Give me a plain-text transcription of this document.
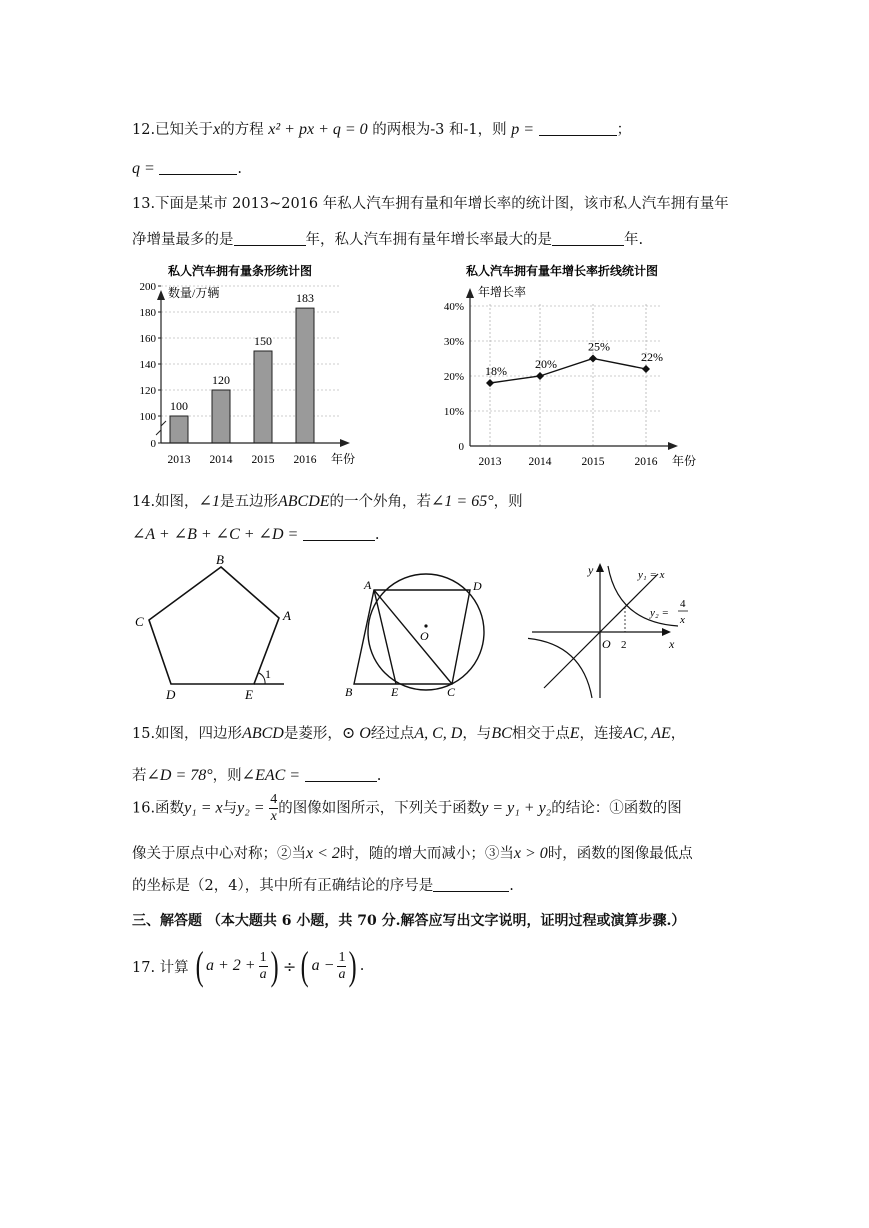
12.已知关于x的方程 x² + px + q = 0 的两根为-3 和-1，则 p =	；
q =	.
13.下面是某市 2013~2016 年私人汽车拥有量和年增长率的统计图，该市私人汽车拥有量年
净增量最多的是	年，私人汽车拥有量年增长率最大的是	年.
私人汽车拥有量条形统计图
数量/万辆
0
100
120
140
160
180
200
100
120
150
183
2013 2014 2015 2016 年份
私人汽车拥有量年增长率折线统计图
年增长率
0
10%
20%
30%
40%
18% 20%
25%
22%
2013 2014	2015	2016 年份
14.如图，∠1是五边形ABCDE的一个外角，若∠1 = 65°，则
∠A + ∠B + ∠C + ∠D =	.
B
A
C
D	E
1
A	D
O
B	E	C
y
x
O 2
y₁ = x
y₂ =
4
x
15.如图，四边形ABCD是菱形，⊙ O经过点A, C, D，与BC相交于点E，连接AC, AE，
若∠D = 78°，则∠EAC =	.
16.函数y₁ = x与$y_2 = \frac{4}{x}$ 的图像如图所示，下列关于函数y = y₁ + y₂的结论：①函数的图
像关于原点中心对称；②当x < 2时，随的增大而减小；③当x > 0时，函数的图像最低点
的坐标是（2，4），其中所有正确结论的序号是	.
三、解答题 （本大题共 6 小题，共 70 分.解答应写出文字说明，证明过程或演算步骤.）
17. 计算 ( $a + 2 + \frac{1}{a}$ ) ÷ ( $a - \frac{1}{a}$ ) .
